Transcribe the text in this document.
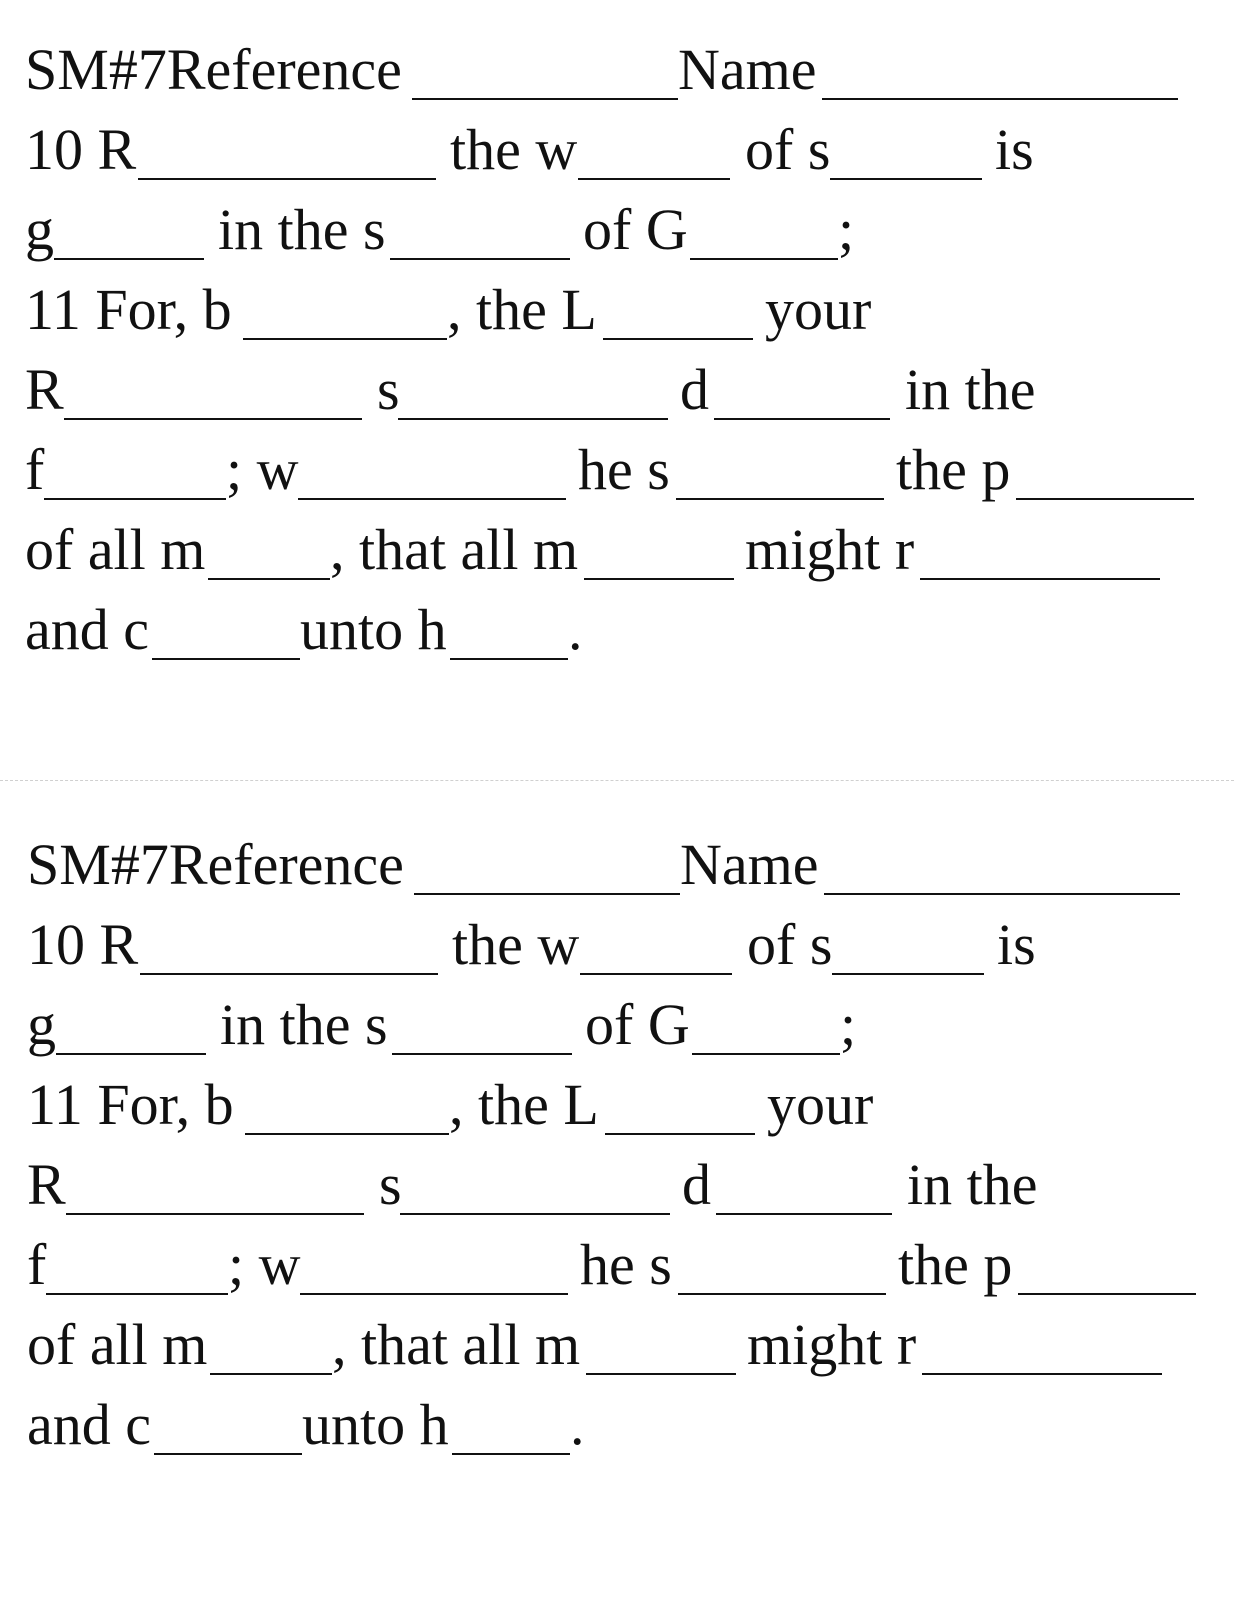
SM#7Reference	Name
10 R	the w	of s	is
g	in the s	of G	;
11 For, b	, the L	your
R	s	d	in the
f	; w	he s	the p
of all m , that all m	might r
and c	unto h .
SM#7Reference	Name
10 R	the w	of s	is
g	in the s	of G	;
11 For, b	, the L	your
R	s	d	in the
f	; w	he s	the p
of all m , that all m	might r
and c	unto h .
